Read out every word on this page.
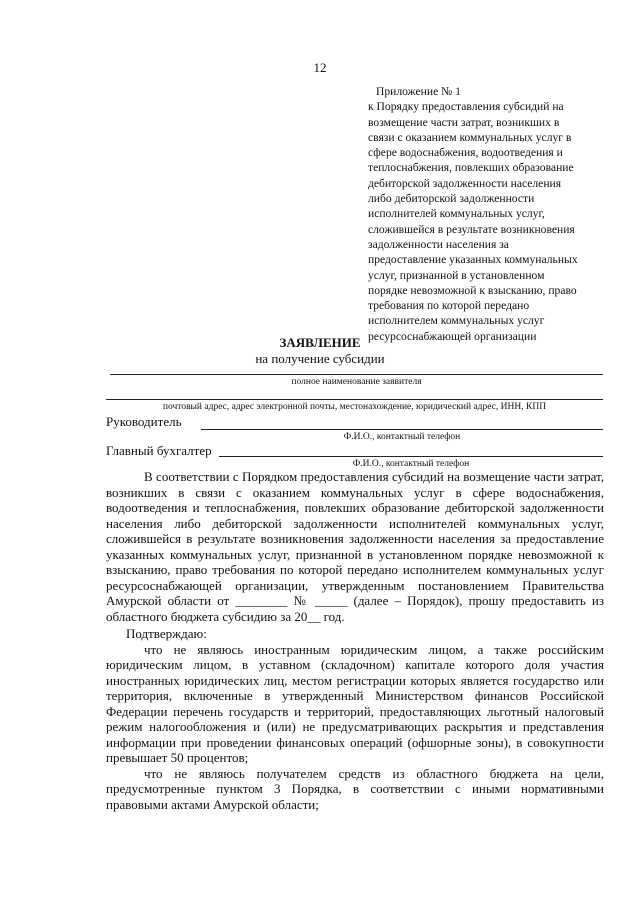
12
Приложение № 1
к Порядку предоставления субсидий на
возмещение части затрат, возникших в
связи с оказанием коммунальных услуг в
сфере водоснабжения, водоотведения и
теплоснабжения, повлекших образование
дебиторской задолженности населения
либо дебиторской задолженности
исполнителей коммунальных услуг,
сложившейся в результате возникновения
задолженности населения за
предоставление указанных коммунальных
услуг, признанной в установленном
порядке невозможной к взысканию, право
требования по которой передано
исполнителем коммунальных услуг
ресурсоснабжающей организации
ЗАЯВЛЕНИЕ
на получение субсидии
полное наименование заявителя
почтовый адрес, адрес электронной почты, местонахождение, юридический адрес, ИНН, КПП
Руководитель
Ф.И.О., контактный телефон
Главный бухгалтер
Ф.И.О., контактный телефон

В соответствии с Порядком предоставления субсидий на возмещение части затрат, возникших в связи с оказанием коммунальных услуг в сфере водоснабжения, водоотведения и теплоснабжения, повлекших образование дебиторской задолженности населения либо дебиторской задолженности исполнителей коммунальных услуг, сложившейся в результате возникновения задолженности населения за предоставление указанных коммунальных услуг, признанной в установленном порядке невозможной к взысканию, право требования по которой передано исполнителем коммунальных услуг ресурсоснабжающей организации, утвержденным постановлением Правительства Амурской области от ________ № _____ (далее – Порядок), прошу предоставить из областного бюджета субсидию за 20__ год.

Подтверждаю:

что не являюсь иностранным юридическим лицом, а также российским юридическим лицом, в уставном (складочном) капитале которого доля участия иностранных юридических лиц, местом регистрации которых является государство или территория, включенные в утвержденный Министерством финансов Российской Федерации перечень государств и территорий, предоставляющих льготный налоговый режим налогообложения и (или) не предусматривающих раскрытия и представления информации при проведении финансовых операций (офшорные зоны), в совокупности превышает 50 процентов;

что не являюсь получателем средств из областного бюджета на цели, предусмотренные пунктом 3 Порядка, в соответствии с иными нормативными правовыми актами Амурской области;
